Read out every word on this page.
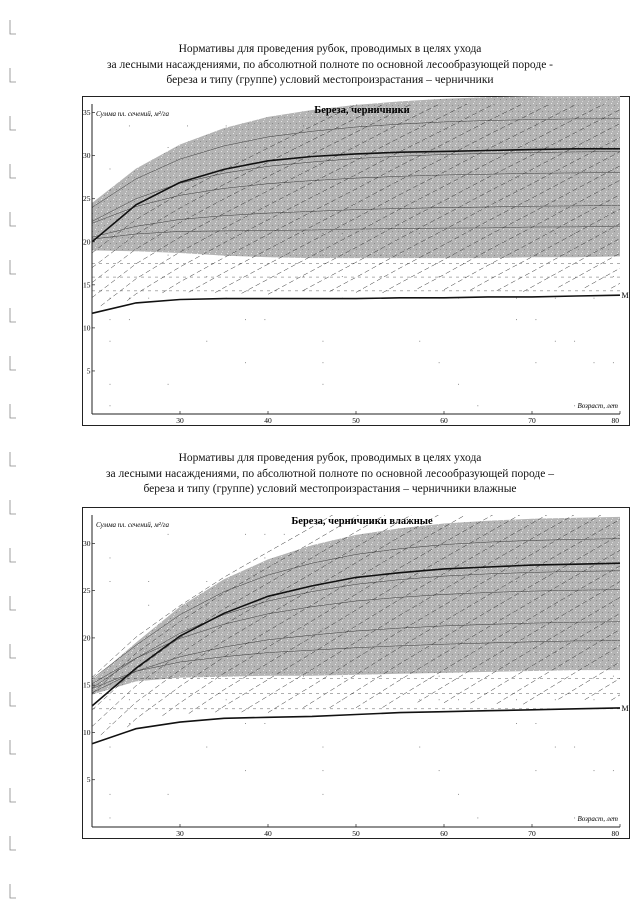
Нормативы для проведения рубок, проводимых в целях ухода
за лесными насаждениями, по абсолютной полноте по основной лесообразующей породе -
береза и типу (группе) условий местопроизрастания – черничники
5
10
15
20
25
30
35
30	40	50	60	70	80
Береза, черничники
Сумма пл. сечений, м²/га
Возраст, лет
M
Нормативы для проведения рубок, проводимых в целях ухода
за лесными насаждениями, по абсолютной полноте по основной лесообразующей породе –
береза и типу (группе) условий местопроизрастания – черничники влажные
5
10
15
20
25
30
30	40	50	60	70	80
Береза, черничники влажные
Сумма пл. сечений, м²/га
Возраст, лет
M
